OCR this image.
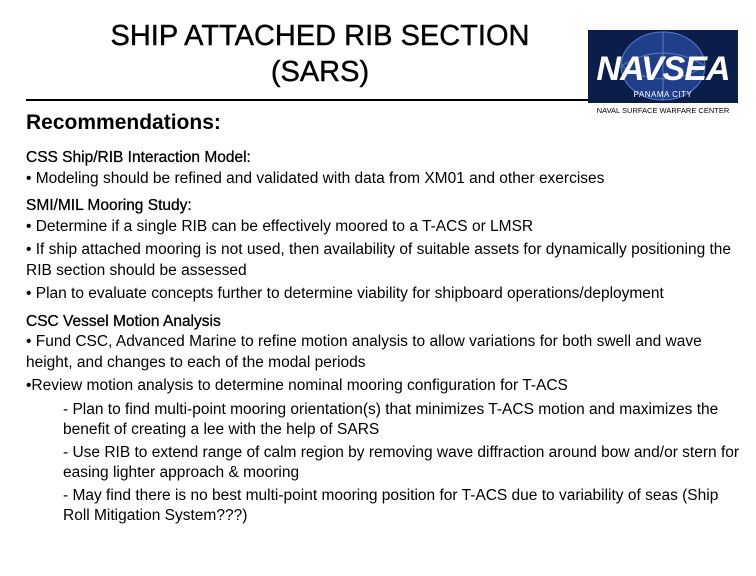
SHIP ATTACHED RIB SECTION
(SARS)	NAVSEA
PANAMA CITY
NAVAL SURFACE WARFARE CENTER
Recommendations:
CSS Ship/RIB Interaction Model:
• Modeling should be refined and validated with data from XM01 and other exercises
SMI/MIL Mooring Study:
• Determine if a single RIB can be effectively moored to a T-ACS or LMSR
• If ship attached mooring is not used, then availability of suitable assets for dynamically positioning the RIB section should be assessed
• Plan to evaluate concepts further to determine viability for shipboard operations/deployment
CSC Vessel Motion Analysis
• Fund CSC, Advanced Marine to refine motion analysis to allow variations for both swell and wave height, and changes to each of the modal periods
•Review motion analysis to determine nominal mooring configuration for T-ACS
- Plan to find multi-point mooring orientation(s) that minimizes T-ACS motion and maximizes the benefit of creating a lee with the help of SARS
- Use RIB to extend range of calm region by removing wave diffraction around bow and/or stern for easing lighter approach & mooring
- May find there is no best multi-point mooring position for T-ACS due to variability of seas (Ship Roll Mitigation System???)
